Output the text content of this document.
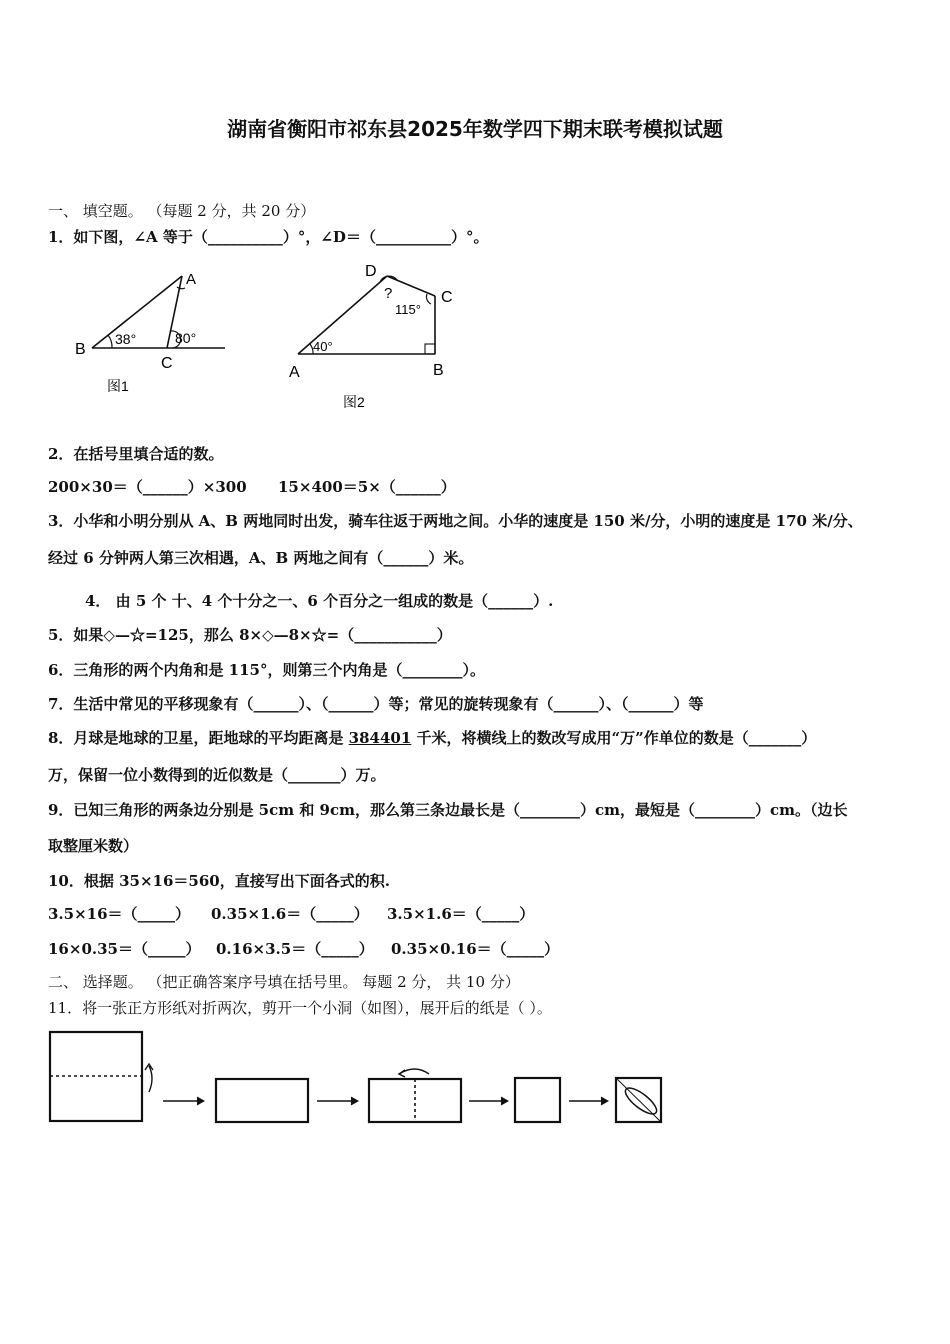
湖南省衡阳市祁东县2025年数学四下期末联考模拟试题
一、 填空题。 （每题 2 分，共 20 分）
1．如下图，∠A 等于（__________）°，∠D＝（__________）°。
A
B
C
38°	80°
图1
D
C
A	B
?
115°
40°
图2
2．在括号里填合适的数。
200×30＝（______）×300 15×400＝5×（______）
3．小华和小明分别从 A、B 两地同时出发，骑车往返于两地之间。小华的速度是 150 米/分，小明的速度是 170 米/分、
经过 6 分钟两人第三次相遇，A、B 两地之间有（______）米。
4． 由 5 个 十、4 个十分之一、6 个百分之一组成的数是（______）.
5．如果◇—☆=125，那么 8×◇—8×☆=（___________）
6．三角形的两个内角和是 115°，则第三个内角是（________）。
7．生活中常见的平移现象有（______）、（______）等；常见的旋转现象有（______）、（______）等
8．月球是地球的卫星，距地球的平均距离是 384401 千米，将横线上的数改写成用“万”作单位的数是（_______）
万，保留一位小数得到的近似数是（_______）万。
9．已知三角形的两条边分别是 5cm 和 9cm，那么第三条边最长是（________）cm，最短是（________）cm。（边长
取整厘米数）
10．根据 35×16＝560，直接写出下面各式的积.
3.5×16＝（_____） 0.35×1.6＝（_____） 3.5×1.6＝（_____）
16×0.35＝（_____） 0.16×3.5＝（_____） 0.35×0.16＝（_____）
二、 选择题。 （把正确答案序号填在括号里。 每题 2 分， 共 10 分）
11．将一张正方形纸对折两次，剪开一个小洞（如图），展开后的纸是（ ）。
